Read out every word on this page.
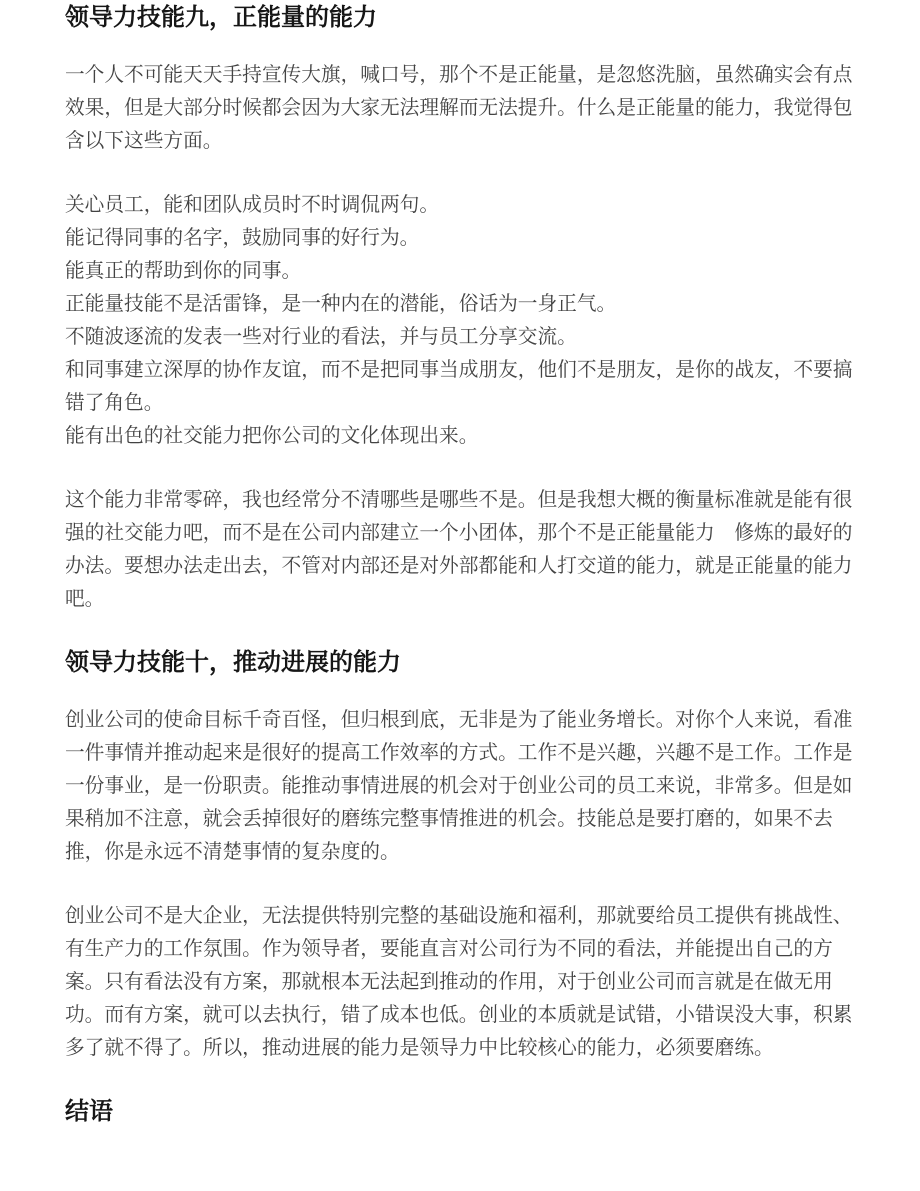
领导力技能九，正能量的能力

一个人不可能天天手持宣传大旗，喊口号，那个不是正能量，是忽悠洗脑，虽然确实会有点效果，但是大部分时候都会因为大家无法理解而无法提升。什么是正能量的能力，我觉得包含以下这些方面。

关心员工，能和团队成员时不时调侃两句。

能记得同事的名字，鼓励同事的好行为。

能真正的帮助到你的同事。

正能量技能不是活雷锋，是一种内在的潜能，俗话为一身正气。

不随波逐流的发表一些对行业的看法，并与员工分享交流。

和同事建立深厚的协作友谊，而不是把同事当成朋友，他们不是朋友，是你的战友，不要搞错了角色。

能有出色的社交能力把你公司的文化体现出来。

这个能力非常零碎，我也经常分不清哪些是哪些不是。但是我想大概的衡量标准就是能有很强的社交能力吧，而不是在公司内部建立一个小团体，那个不是正能量能力　修炼的最好的办法。要想办法走出去，不管对内部还是对外部都能和人打交道的能力，就是正能量的能力吧。

领导力技能十，推动进展的能力

创业公司的使命目标千奇百怪，但归根到底，无非是为了能业务增长。对你个人来说，看准一件事情并推动起来是很好的提高工作效率的方式。工作不是兴趣，兴趣不是工作。工作是一份事业，是一份职责。能推动事情进展的机会对于创业公司的员工来说，非常多。但是如果稍加不注意，就会丢掉很好的磨练完整事情推进的机会。技能总是要打磨的，如果不去推，你是永远不清楚事情的复杂度的。

创业公司不是大企业，无法提供特别完整的基础设施和福利，那就要给员工提供有挑战性、有生产力的工作氛围。作为领导者，要能直言对公司行为不同的看法，并能提出自己的方案。只有看法没有方案，那就根本无法起到推动的作用，对于创业公司而言就是在做无用功。而有方案，就可以去执行，错了成本也低。创业的本质就是试错，小错误没大事，积累多了就不得了。所以，推动进展的能力是领导力中比较核心的能力，必须要磨练。

结语
